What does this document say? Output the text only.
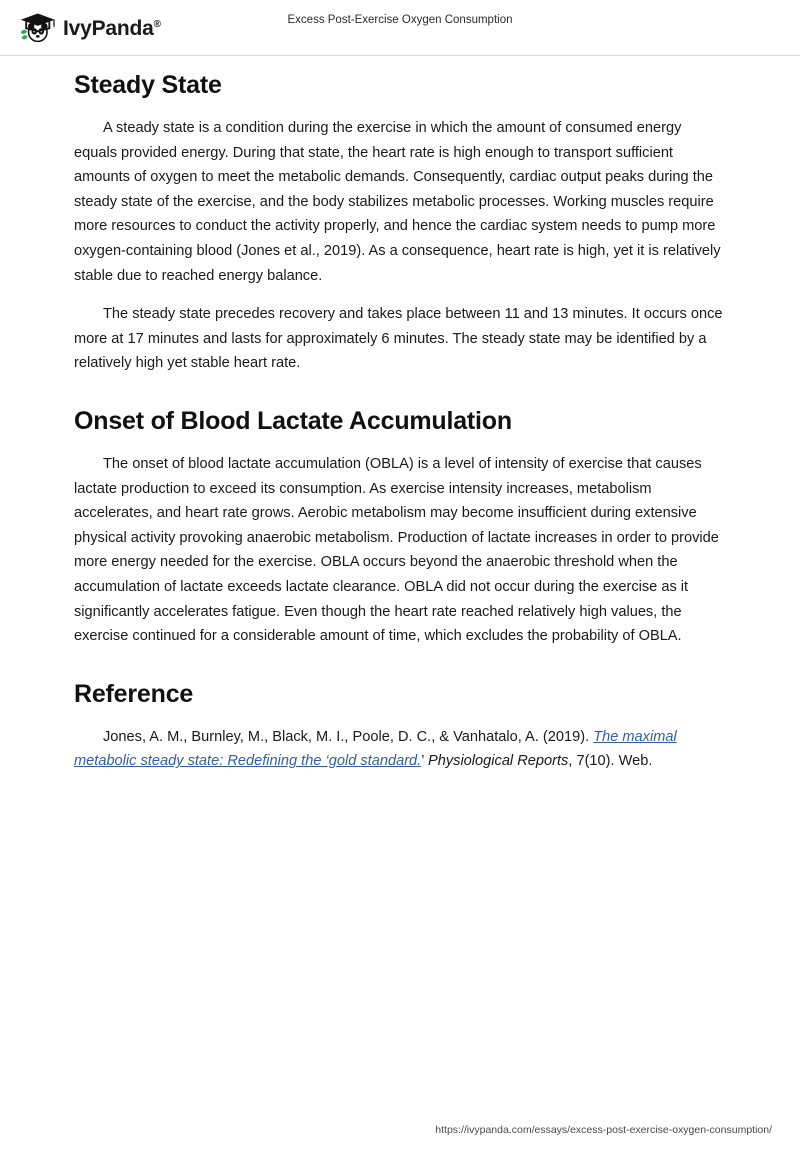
IvyPanda®	Excess Post-Exercise Oxygen Consumption
Steady State

A steady state is a condition during the exercise in which the amount of consumed energy equals provided energy. During that state, the heart rate is high enough to transport sufficient amounts of oxygen to meet the metabolic demands. Consequently, cardiac output peaks during the steady state of the exercise, and the body stabilizes metabolic processes. Working muscles require more resources to conduct the activity properly, and hence the cardiac system needs to pump more oxygen-containing blood (Jones et al., 2019). As a consequence, heart rate is high, yet it is relatively stable due to reached energy balance.

The steady state precedes recovery and takes place between 11 and 13 minutes. It occurs once more at 17 minutes and lasts for approximately 6 minutes. The steady state may be identified by a relatively high yet stable heart rate.

Onset of Blood Lactate Accumulation

The onset of blood lactate accumulation (OBLA) is a level of intensity of exercise that causes lactate production to exceed its consumption. As exercise intensity increases, metabolism accelerates, and heart rate grows. Aerobic metabolism may become insufficient during extensive physical activity provoking anaerobic metabolism. Production of lactate increases in order to provide more energy needed for the exercise. OBLA occurs beyond the anaerobic threshold when the accumulation of lactate exceeds lactate clearance. OBLA did not occur during the exercise as it significantly accelerates fatigue. Even though the heart rate reached relatively high values, the exercise continued for a considerable amount of time, which excludes the probability of OBLA.

Reference

Jones, A. M., Burnley, M., Black, M. I., Poole, D. C., & Vanhatalo, A. (2019). The maximal metabolic steady state: Redefining the ‘gold standard.’ Physiological Reports, 7(10). Web.

https://ivypanda.com/essays/excess-post-exercise-oxygen-consumption/
